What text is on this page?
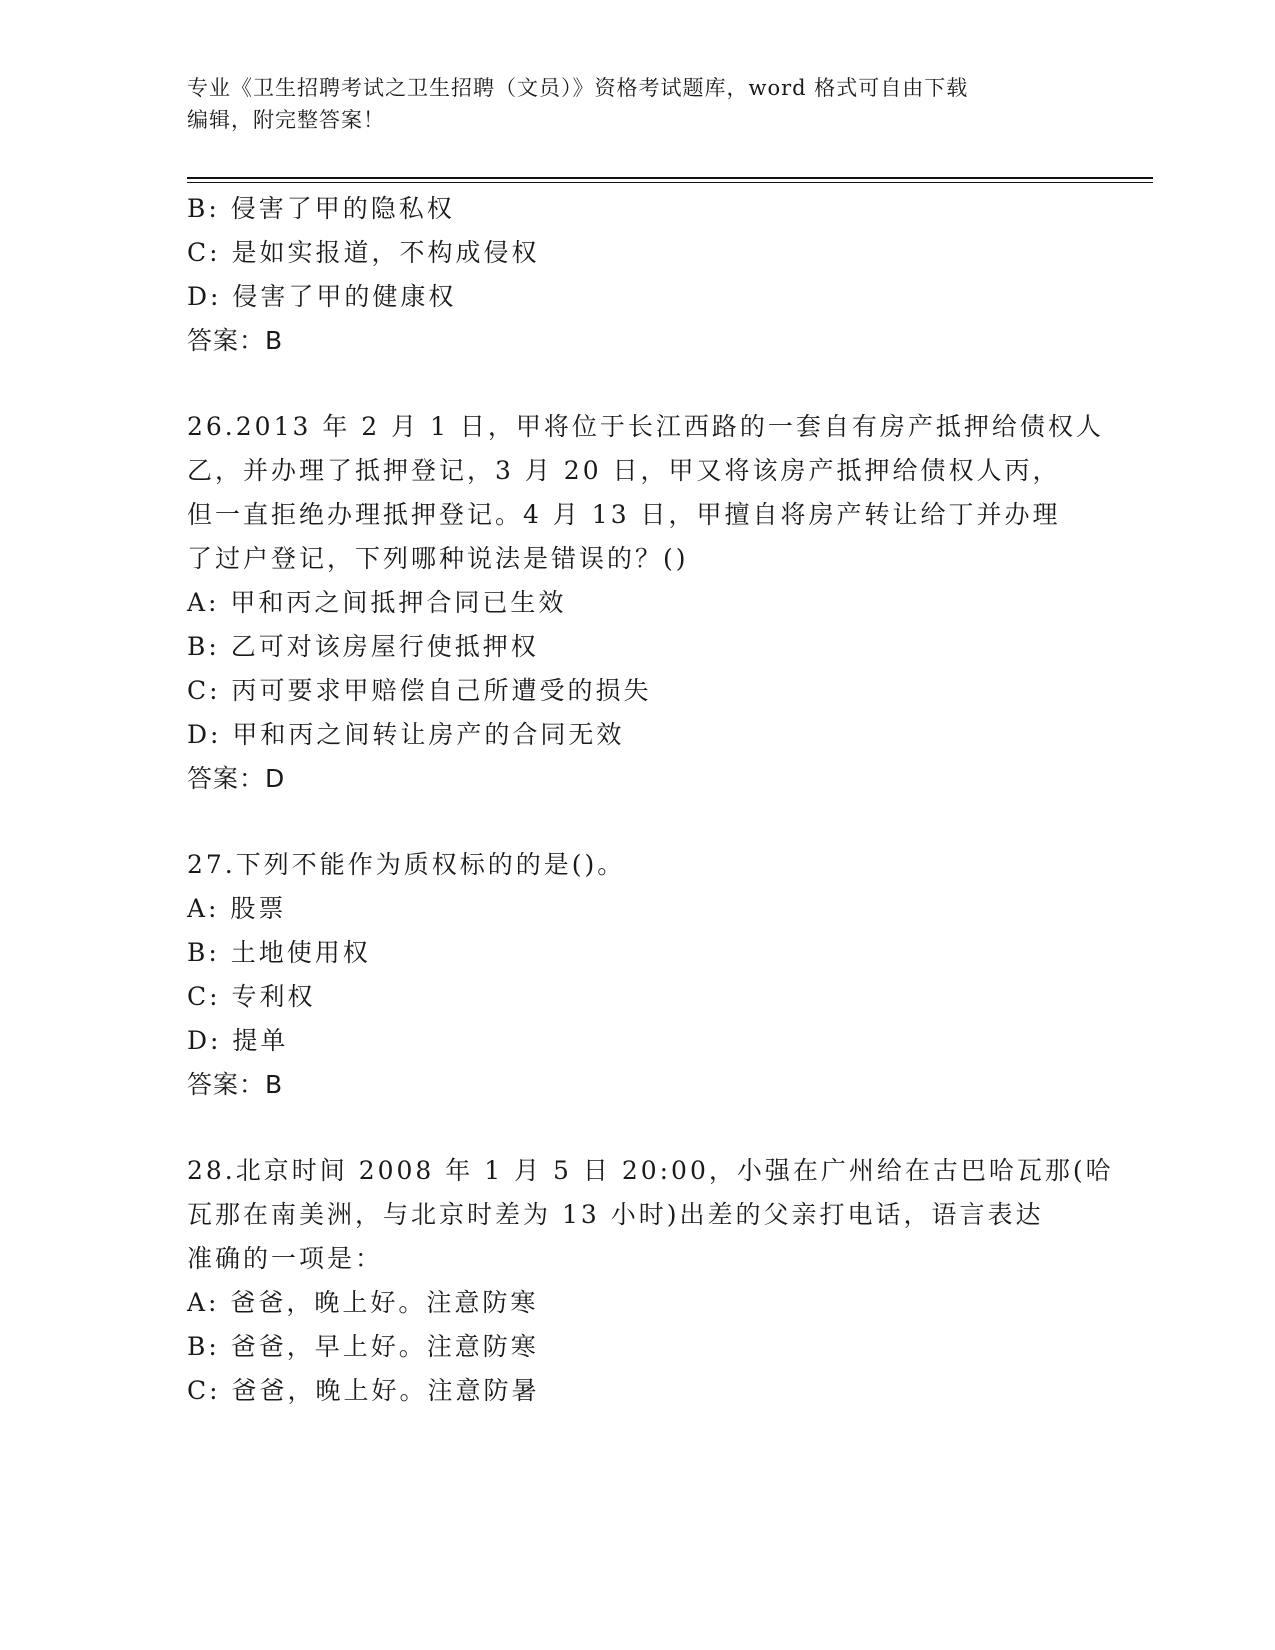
专业《卫生招聘考试之卫生招聘（文员）》资格考试题库，word 格式可自由下载
编辑，附完整答案！
B: 侵害了甲的隐私权
C: 是如实报道，不构成侵权
D: 侵害了甲的健康权
答案：B
26.2013 年 2 月 1 日，甲将位于长江西路的一套自有房产抵押给债权人
乙，并办理了抵押登记，3 月 20 日，甲又将该房产抵押给债权人丙，
但一直拒绝办理抵押登记。4 月 13 日，甲擅自将房产转让给丁并办理
了过户登记，下列哪种说法是错误的？()
A: 甲和丙之间抵押合同已生效
B: 乙可对该房屋行使抵押权
C: 丙可要求甲赔偿自己所遭受的损失
D: 甲和丙之间转让房产的合同无效
答案：D
27.下列不能作为质权标的的是()。
A: 股票
B: 土地使用权
C: 专利权
D: 提单
答案：B
28.北京时间 2008 年 1 月 5 日 20:00，小强在广州给在古巴哈瓦那(哈
瓦那在南美洲，与北京时差为 13 小时)出差的父亲打电话，语言表达
准确的一项是：
A: 爸爸，晚上好。注意防寒
B: 爸爸，早上好。注意防寒
C: 爸爸，晚上好。注意防暑
